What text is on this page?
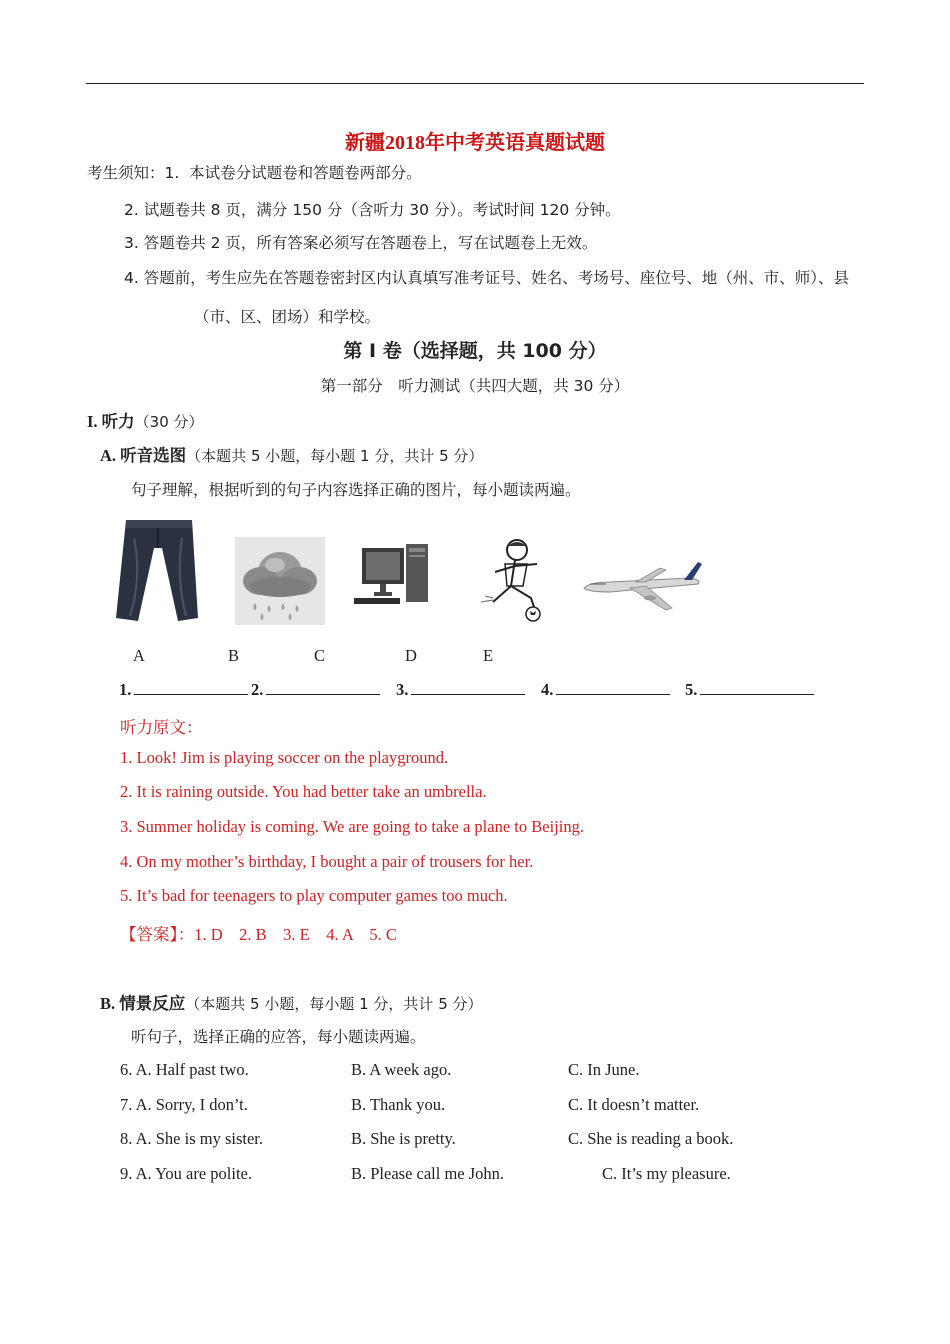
新疆2018年中考英语真题试题
考生须知：1. 本试卷分试题卷和答题卷两部分。
2. 试题卷共 8 页，满分 150 分（含听力 30 分）。考试时间 120 分钟。
3. 答题卷共 2 页，所有答案必须写在答题卷上，写在试题卷上无效。
4. 答题前，考生应先在答题卷密封区内认真填写准考证号、姓名、考场号、座位号、地（州、市、师）、县
（市、区、团场）和学校。
第 I 卷（选择题，共 100 分）
第一部分　听力测试（共四大题，共 30 分）
I. 听力（30 分）
A. 听音选图（本题共 5 小题，每小题 1 分，共计 5 分）
句子理解，根据听到的句子内容选择正确的图片，每小题读两遍。
A	B	C	D	E
1.	2.	3.	4.	5.
听力原文：
1. Look! Jim is playing soccer on the playground.
2. It is raining outside. You had better take an umbrella.
3. Summer holiday is coming. We are going to take a plane to Beijing.
4. On my mother’s birthday, I bought a pair of trousers for her.
5. It’s bad for teenagers to play computer games too much.
【答案】：1. D　2. B　3. E　4. A　5. C
B. 情景反应（本题共 5 小题，每小题 1 分，共计 5 分）
听句子，选择正确的应答，每小题读两遍。
6. A. Half past two.	B. A week ago.	C. In June.
7. A. Sorry, I don’t.	B. Thank you.	C. It doesn’t matter.
8. A. She is my sister.	B. She is pretty.	C. She is reading a book.
9. A. You are polite.	B. Please call me John.	C. It’s my pleasure.
